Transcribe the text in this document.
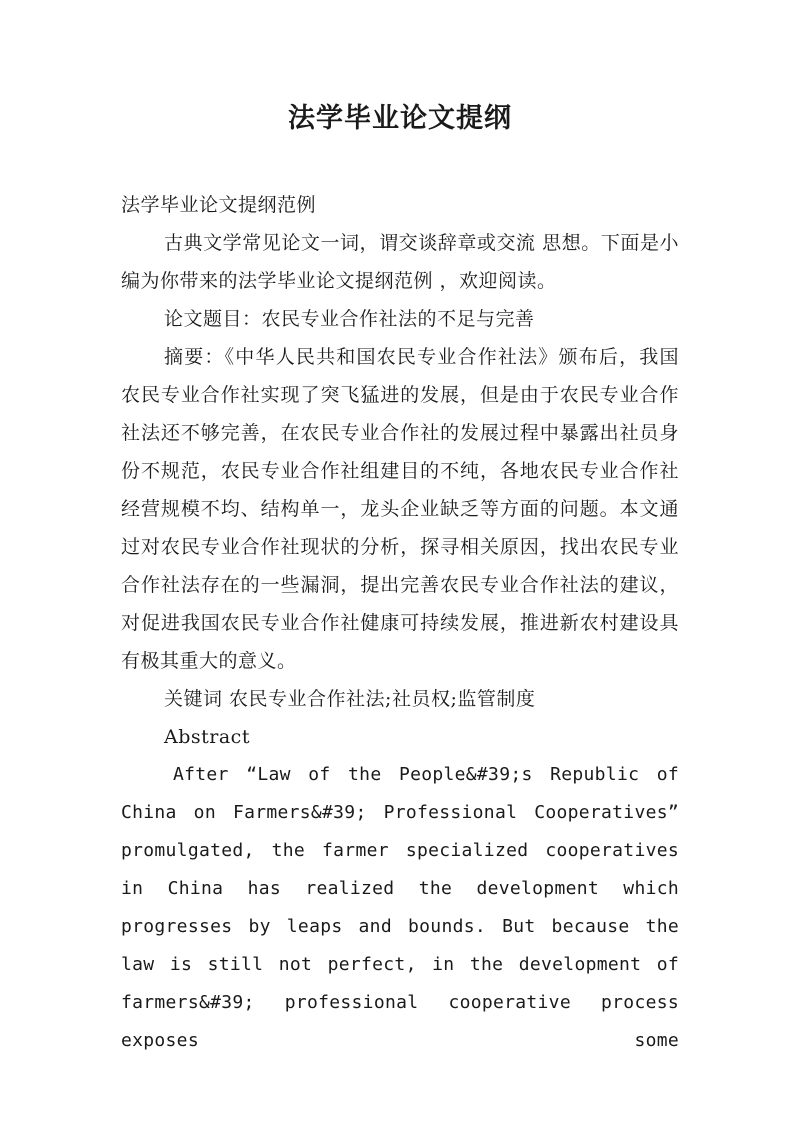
法学毕业论文提纲

法学毕业论文提纲范例

古典文学常见论文一词，谓交谈辞章或交流 思想。下面是小编为你带来的法学毕业论文提纲范例 ，欢迎阅读。

论文题目：农民专业合作社法的不足与完善

摘要：《中华人民共和国农民专业合作社法》颁布后，我国农民专业合作社实现了突飞猛进的发展，但是由于农民专业合作社法还不够完善，在农民专业合作社的发展过程中暴露出社员身份不规范，农民专业合作社组建目的不纯，各地农民专业合作社经营规模不均、结构单一，龙头企业缺乏等方面的问题。本文通过对农民专业合作社现状的分析，探寻相关原因，找出农民专业合作社法存在的一些漏洞，提出完善农民专业合作社法的建议，对促进我国农民专业合作社健康可持续发展，推进新农村建设具有极其重大的意义。

关键词 农民专业合作社法;社员权;监管制度

Abstract

After “Law of the People&#39;s Republic of China on Farmers&#39; Professional Cooperatives” promulgated, the farmer specialized cooperatives in China has realized the development which progresses by leaps and bounds. But because the law is still not perfect, in the development of farmers&#39; professional cooperative process exposes some
